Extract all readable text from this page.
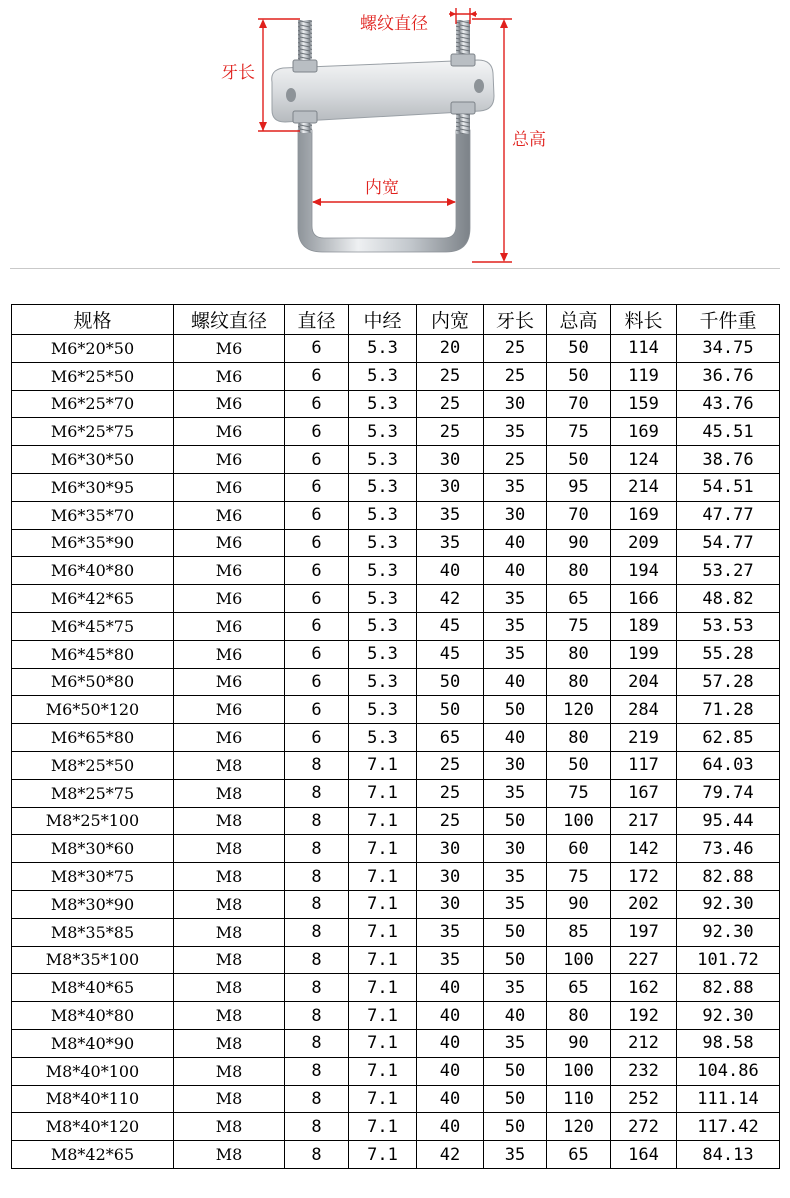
螺纹直径
牙长
总高
内宽
规格	螺纹直径	直径	中经	内宽	牙长	总高	料长	千件重
M6*20*50	M6	6	5.3	20	25	50	114	34.75
M6*25*50	M6	6	5.3	25	25	50	119	36.76
M6*25*70	M6	6	5.3	25	30	70	159	43.76
M6*25*75	M6	6	5.3	25	35	75	169	45.51
M6*30*50	M6	6	5.3	30	25	50	124	38.76
M6*30*95	M6	6	5.3	30	35	95	214	54.51
M6*35*70	M6	6	5.3	35	30	70	169	47.77
M6*35*90	M6	6	5.3	35	40	90	209	54.77
M6*40*80	M6	6	5.3	40	40	80	194	53.27
M6*42*65	M6	6	5.3	42	35	65	166	48.82
M6*45*75	M6	6	5.3	45	35	75	189	53.53
M6*45*80	M6	6	5.3	45	35	80	199	55.28
M6*50*80	M6	6	5.3	50	40	80	204	57.28
M6*50*120	M6	6	5.3	50	50	120	284	71.28
M6*65*80	M6	6	5.3	65	40	80	219	62.85
M8*25*50	M8	8	7.1	25	30	50	117	64.03
M8*25*75	M8	8	7.1	25	35	75	167	79.74
M8*25*100	M8	8	7.1	25	50	100	217	95.44
M8*30*60	M8	8	7.1	30	30	60	142	73.46
M8*30*75	M8	8	7.1	30	35	75	172	82.88
M8*30*90	M8	8	7.1	30	35	90	202	92.30
M8*35*85	M8	8	7.1	35	50	85	197	92.30
M8*35*100	M8	8	7.1	35	50	100	227	101.72
M8*40*65	M8	8	7.1	40	35	65	162	82.88
M8*40*80	M8	8	7.1	40	40	80	192	92.30
M8*40*90	M8	8	7.1	40	35	90	212	98.58
M8*40*100	M8	8	7.1	40	50	100	232	104.86
M8*40*110	M8	8	7.1	40	50	110	252	111.14
M8*40*120	M8	8	7.1	40	50	120	272	117.42
M8*42*65	M8	8	7.1	42	35	65	164	84.13
